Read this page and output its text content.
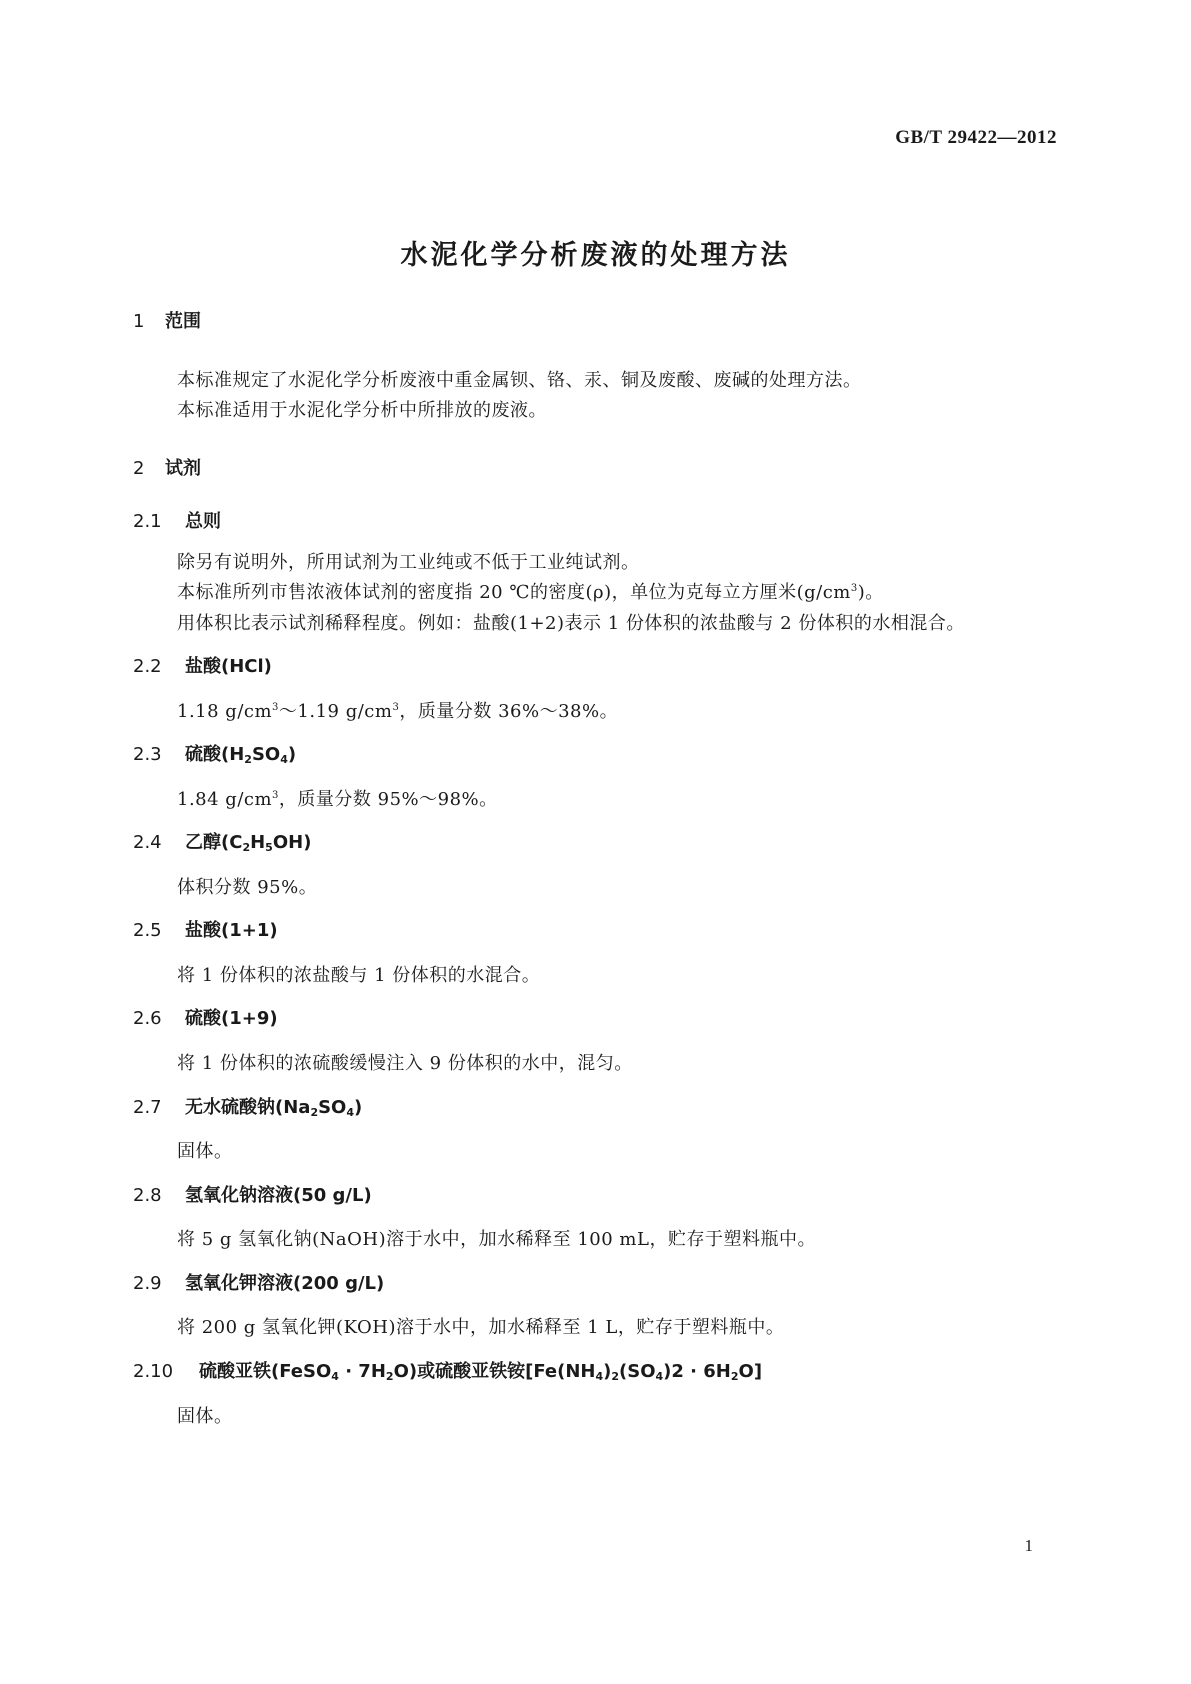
GB/T 29422—2012
水泥化学分析废液的处理方法
1 范围
本标准规定了水泥化学分析废液中重金属钡、铬、汞、铜及废酸、废碱的处理方法。
本标准适用于水泥化学分析中所排放的废液。
2 试剂
2.1 总则
除另有说明外，所用试剂为工业纯或不低于工业纯试剂。
本标准所列市售浓液体试剂的密度指 20 ℃的密度(ρ)，单位为克每立方厘米$(g/cm^3)$。
用体积比表示试剂稀释程度。例如：盐酸(1+2)表示 1 份体积的浓盐酸与 2 份体积的水相混合。
2.2 盐酸(HCl)
1.18 $g/cm^3\sim 1.19$ $g/cm^3$，质量分数 36%～38%。
2.3 硫酸$(H_2SO_4)$
1.84 $g/cm^3$，质量分数 95%～98%。
2.4 乙醇$(C_2H_5OH)$
体积分数 95%。
2.5 盐酸(1+1)
将 1 份体积的浓盐酸与 1 份体积的水混合。
2.6 硫酸(1+9)
将 1 份体积的浓硫酸缓慢注入 9 份体积的水中，混匀。
2.7 无水硫酸钠$(Na_2SO_4)$
固体。
2.8 氢氧化钠溶液(50 g/L)
将 5 g 氢氧化钠(NaOH)溶于水中，加水稀释至 100 mL，贮存于塑料瓶中。
2.9 氢氧化钾溶液(200 g/L)
将 200 g 氢氧化钾(KOH)溶于水中，加水稀释至 1 L，贮存于塑料瓶中。
2.10 硫酸亚铁(FeSO$_4$ · $7H_2O$)或硫酸亚铁铵$[Fe(NH_4)_2(SO_4)2 \cdot 6H_2O]$
固体。
1
